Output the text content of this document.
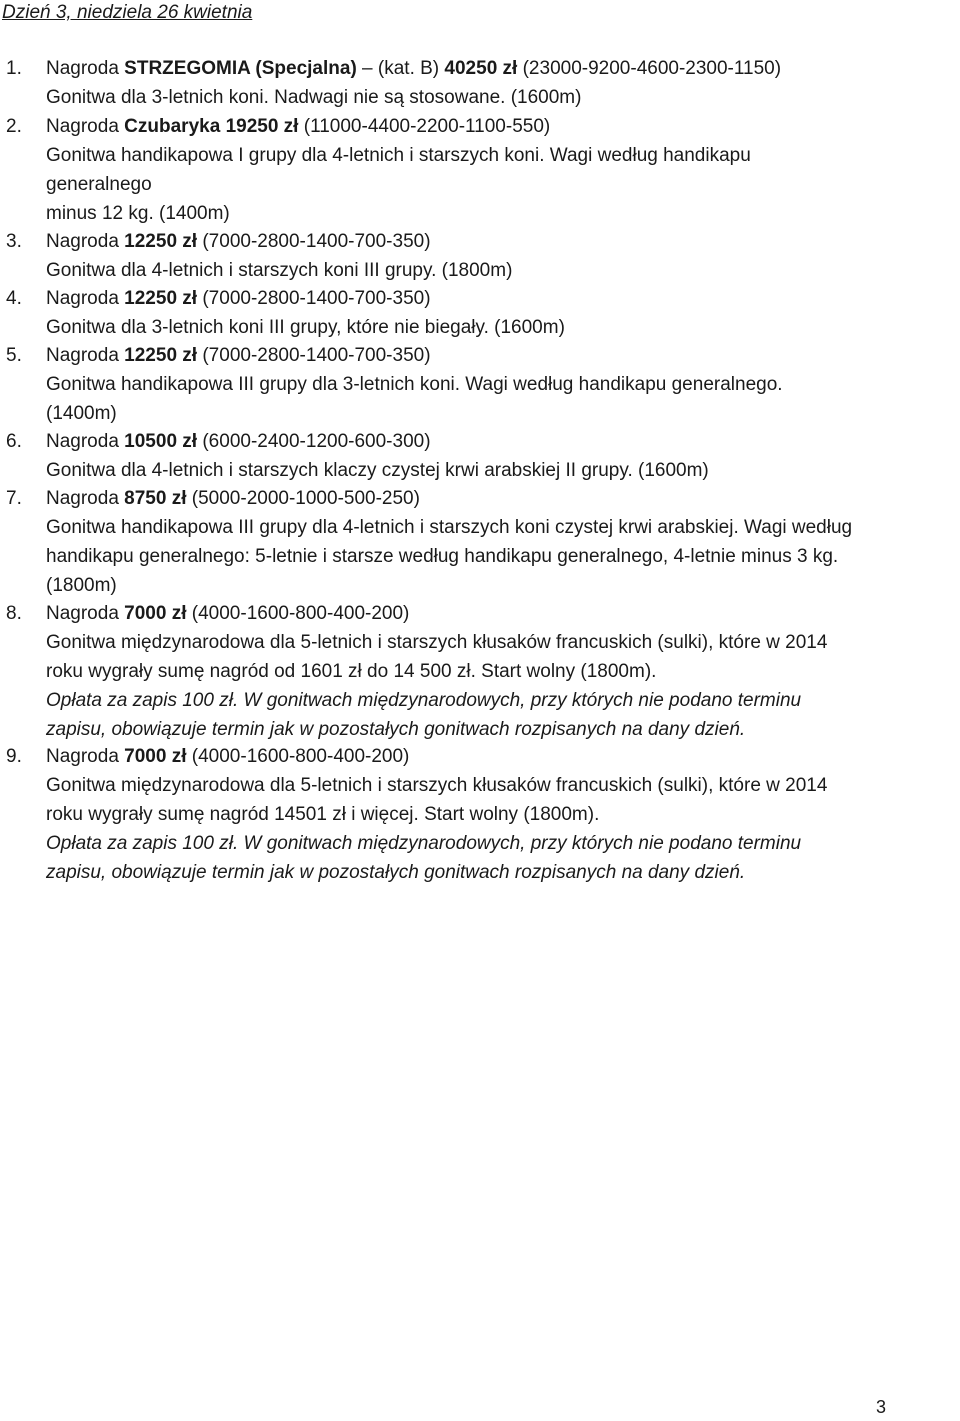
Dzień 3, niedziela 26 kwietnia
1. Nagroda STRZEGOMIA (Specjalna) – (kat. B) 40250 zł (23000-9200-4600-2300-1150)
Gonitwa dla 3-letnich koni. Nadwagi nie są stosowane. (1600m)
2. Nagroda Czubaryka 19250 zł (11000-4400-2200-1100-550)
Gonitwa handikapowa I grupy dla 4-letnich i starszych koni. Wagi według handikapu
generalnego
minus 12 kg. (1400m)
3. Nagroda 12250 zł (7000-2800-1400-700-350)
Gonitwa dla 4-letnich i starszych koni III grupy. (1800m)
4. Nagroda 12250 zł (7000-2800-1400-700-350)
Gonitwa dla 3-letnich koni III grupy, które nie biegały. (1600m)
5. Nagroda 12250 zł (7000-2800-1400-700-350)
Gonitwa handikapowa III grupy dla 3-letnich koni. Wagi według handikapu generalnego.
(1400m)
6. Nagroda 10500 zł (6000-2400-1200-600-300)
Gonitwa dla 4-letnich i starszych klaczy czystej krwi arabskiej II grupy. (1600m)
7. Nagroda 8750 zł (5000-2000-1000-500-250)
Gonitwa handikapowa III grupy dla 4-letnich i starszych koni czystej krwi arabskiej. Wagi według
handikapu generalnego: 5-letnie i starsze według handikapu generalnego, 4-letnie minus 3 kg.
(1800m)
8. Nagroda 7000 zł (4000-1600-800-400-200)
Gonitwa międzynarodowa dla 5-letnich i starszych kłusaków francuskich (sulki), które w 2014
roku wygrały sumę nagród od 1601 zł do 14 500 zł. Start wolny (1800m).
Opłata za zapis 100 zł. W gonitwach międzynarodowych, przy których nie podano terminu
zapisu, obowiązuje termin jak w pozostałych gonitwach rozpisanych na dany dzień.
9. Nagroda 7000 zł (4000-1600-800-400-200)
Gonitwa międzynarodowa dla 5-letnich i starszych kłusaków francuskich (sulki), które w 2014
roku wygrały sumę nagród 14501 zł i więcej. Start wolny (1800m).
Opłata za zapis 100 zł. W gonitwach międzynarodowych, przy których nie podano terminu
zapisu, obowiązuje termin jak w pozostałych gonitwach rozpisanych na dany dzień.
3
